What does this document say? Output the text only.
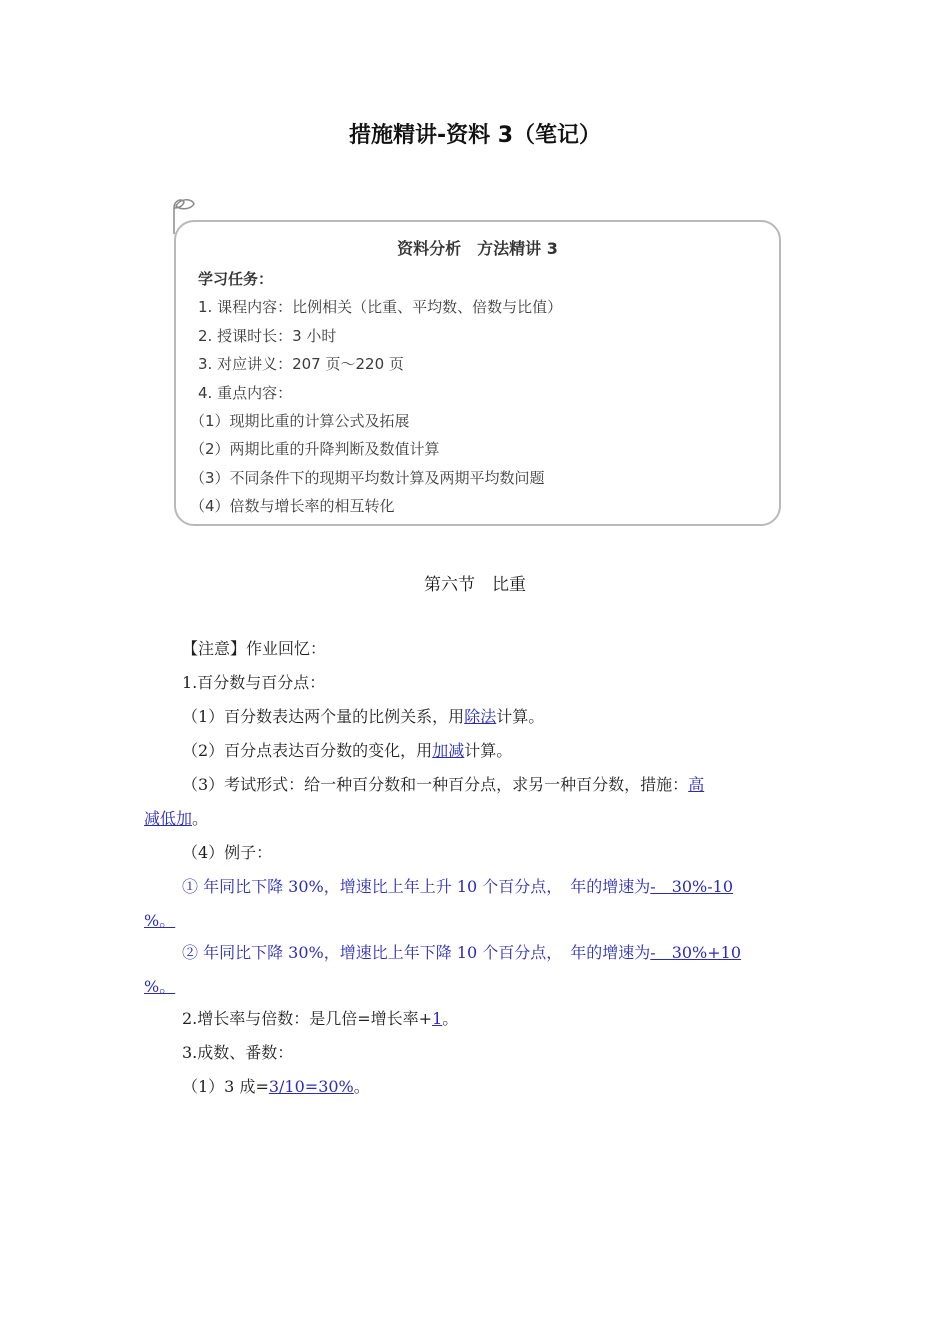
措施精讲-资料 3（笔记）
资料分析　方法精讲 3
学习任务：
1. 课程内容：比例相关（比重、平均数、倍数与比值）
2. 授课时长：3 小时
3. 对应讲义：207 页～220 页
4. 重点内容：
（1）现期比重的计算公式及拓展
（2）两期比重的升降判断及数值计算
（3）不同条件下的现期平均数计算及两期平均数问题
（4）倍数与增长率的相互转化
第六节　比重
【注意】作业回忆：
1.百分数与百分点：
（1）百分数表达两个量的比例关系，用除法计算。
（2）百分点表达百分数的变化，用加减计算。
（3）考试形式：给一种百分数和一种百分点，求另一种百分数，措施：高
减低加。
（4）例子：
① 年同比下降 30%，增速比上年上升 10 个百分点，　年的增速为-　30%-10
%。
② 年同比下降 30%，增速比上年下降 10 个百分点，　年的增速为-　30%+10
%。
2.增长率与倍数：是几倍=增长率+1。
3.成数、番数：
（1）3 成=3/10=30%。
